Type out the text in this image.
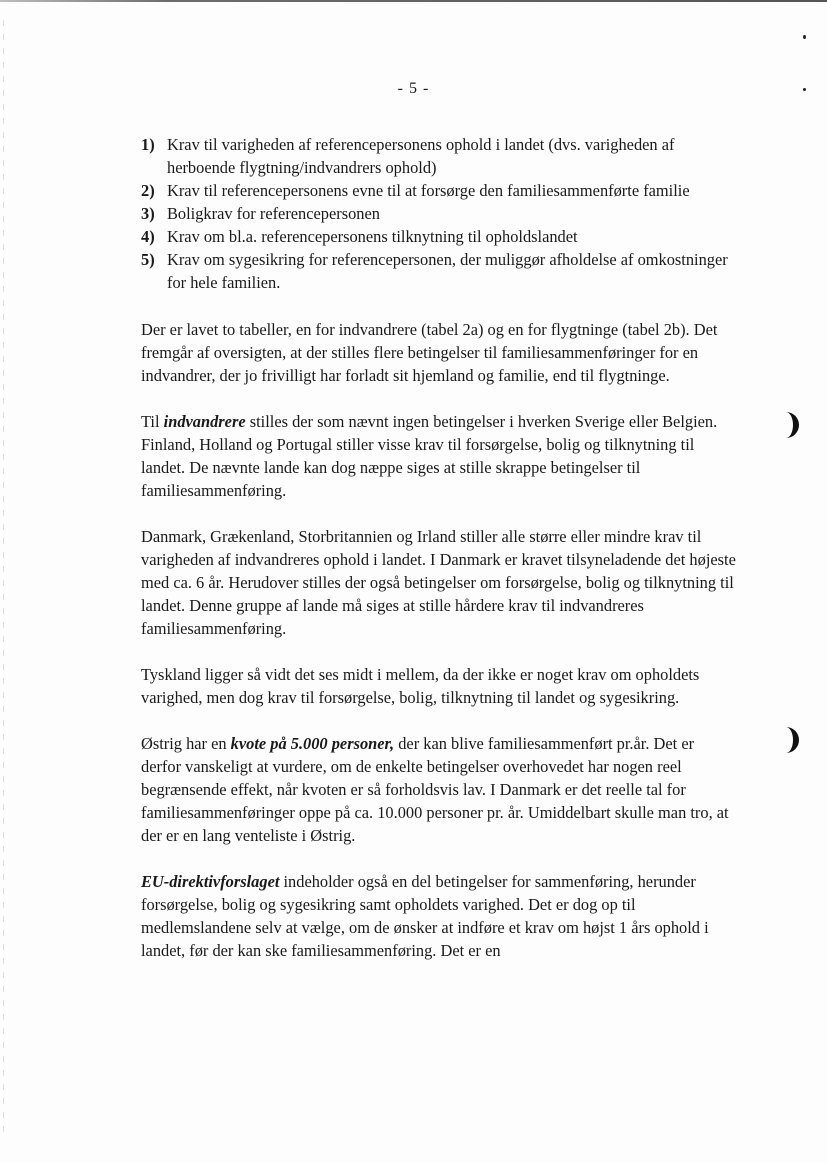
- 5 -
1) Krav til varigheden af referencepersonens ophold i landet (dvs. varigheden af herboende flygtning/indvandrers ophold)
2) Krav til referencepersonens evne til at forsørge den familiesammenførte familie
3) Boligkrav for referencepersonen
4) Krav om bl.a. referencepersonens tilknytning til opholdslandet
5) Krav om sygesikring for referencepersonen, der muliggør afholdelse af omkostninger for hele familien.

Der er lavet to tabeller, en for indvandrere (tabel 2a) og en for flygtninge (tabel 2b). Det fremgår af oversigten, at der stilles flere betingelser til familiesammenføringer for en indvandrer, der jo frivilligt har forladt sit hjemland og familie, end til flygtninge.

Til indvandrere stilles der som nævnt ingen betingelser i hverken Sverige eller Belgien. Finland, Holland og Portugal stiller visse krav til forsørgelse, bolig og tilknytning til landet. De nævnte lande kan dog næppe siges at stille skrappe betingelser til familiesammenføring.

Danmark, Grækenland, Storbritannien og Irland stiller alle større eller mindre krav til varigheden af indvandreres ophold i landet. I Danmark er kravet tilsyneladende det højeste med ca. 6 år. Herudover stilles der også betingelser om forsørgelse, bolig og tilknytning til landet. Denne gruppe af lande må siges at stille hårdere krav til indvandreres familiesammenføring.

Tyskland ligger så vidt det ses midt i mellem, da der ikke er noget krav om opholdets varighed, men dog krav til forsørgelse, bolig, tilknytning til landet og sygesikring.

Østrig har en kvote på 5.000 personer, der kan blive familiesammenført pr.år. Det er derfor vanskeligt at vurdere, om de enkelte betingelser overhovedet har nogen reel begrænsende effekt, når kvoten er så forholdsvis lav. I Danmark er det reelle tal for familiesammenføringer oppe på ca. 10.000 personer pr. år. Umiddelbart skulle man tro, at der er en lang venteliste i Østrig.

EU-direktivforslaget indeholder også en del betingelser for sammenføring, herunder forsørgelse, bolig og sygesikring samt opholdets varighed. Det er dog op til medlemslandene selv at vælge, om de ønsker at indføre et krav om højst 1 års ophold i landet, før der kan ske familiesammenføring. Det er en
